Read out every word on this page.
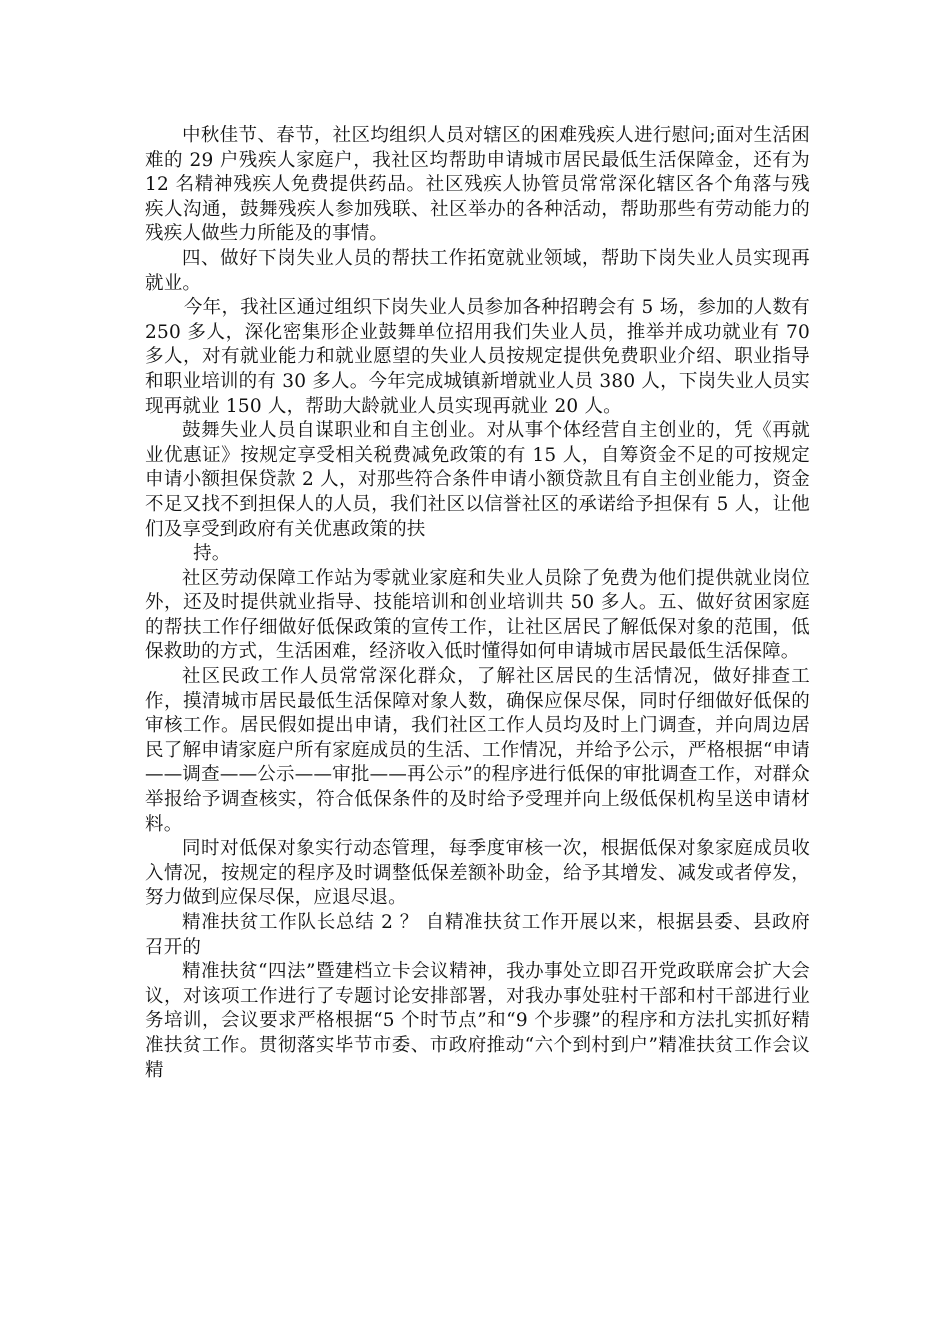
中秋佳节、春节，社区均组织人员对辖区的困难残疾人进行慰问;面对生活困难的 29 户残疾人家庭户，我社区均帮助申请城市居民最低生活保障金，还有为 12 名精神残疾人免费提供药品。社区残疾人协管员常常深化辖区各个角落与残疾人沟通，鼓舞残疾人参加残联、社区举办的各种活动，帮助那些有劳动能力的残疾人做些力所能及的事情。

四、做好下岗失业人员的帮扶工作拓宽就业领域，帮助下岗失业人员实现再就业。

今年，我社区通过组织下岗失业人员参加各种招聘会有 5 场，参加的人数有 250 多人，深化密集形企业鼓舞单位招用我们失业人员，推举并成功就业有 70 多人，对有就业能力和就业愿望的失业人员按规定提供免费职业介绍、职业指导和职业培训的有 30 多人。今年完成城镇新增就业人员 380 人，下岗失业人员实现再就业 150 人，帮助大龄就业人员实现再就业 20 人。

鼓舞失业人员自谋职业和自主创业。对从事个体经营自主创业的，凭《再就业优惠证》按规定享受相关税费减免政策的有 15 人，自筹资金不足的可按规定申请小额担保贷款 2 人，对那些符合条件申请小额贷款且有自主创业能力，资金不足又找不到担保人的人员，我们社区以信誉社区的承诺给予担保有 5 人，让他们及享受到政府有关优惠政策的扶

持。

社区劳动保障工作站为零就业家庭和失业人员除了免费为他们提供就业岗位外，还及时提供就业指导、技能培训和创业培训共 50 多人。五、做好贫困家庭的帮扶工作仔细做好低保政策的宣传工作，让社区居民了解低保对象的范围，低保救助的方式，生活困难，经济收入低时懂得如何申请城市居民最低生活保障。

社区民政工作人员常常深化群众，了解社区居民的生活情况，做好排查工作，摸清城市居民最低生活保障对象人数，确保应保尽保，同时仔细做好低保的审核工作。居民假如提出申请，我们社区工作人员均及时上门调查，并向周边居民了解申请家庭户所有家庭成员的生活、工作情况，并给予公示，严格根据“申请——调查——公示——审批——再公示”的程序进行低保的审批调查工作，对群众举报给予调查核实，符合低保条件的及时给予受理并向上级低保机构呈送申请材料。

同时对低保对象实行动态管理，每季度审核一次，根据低保对象家庭成员收入情况，按规定的程序及时调整低保差额补助金，给予其增发、减发或者停发，努力做到应保尽保，应退尽退。

精准扶贫工作队长总结 2 ？ 自精准扶贫工作开展以来，根据县委、县政府召开的

精准扶贫“四法”暨建档立卡会议精神，我办事处立即召开党政联席会扩大会议，对该项工作进行了专题讨论安排部署，对我办事处驻村干部和村干部进行业务培训，会议要求严格根据“5 个时节点”和“9 个步骤”的程序和方法扎实抓好精准扶贫工作。贯彻落实毕节市委、市政府推动“六个到村到户”精准扶贫工作会议精
